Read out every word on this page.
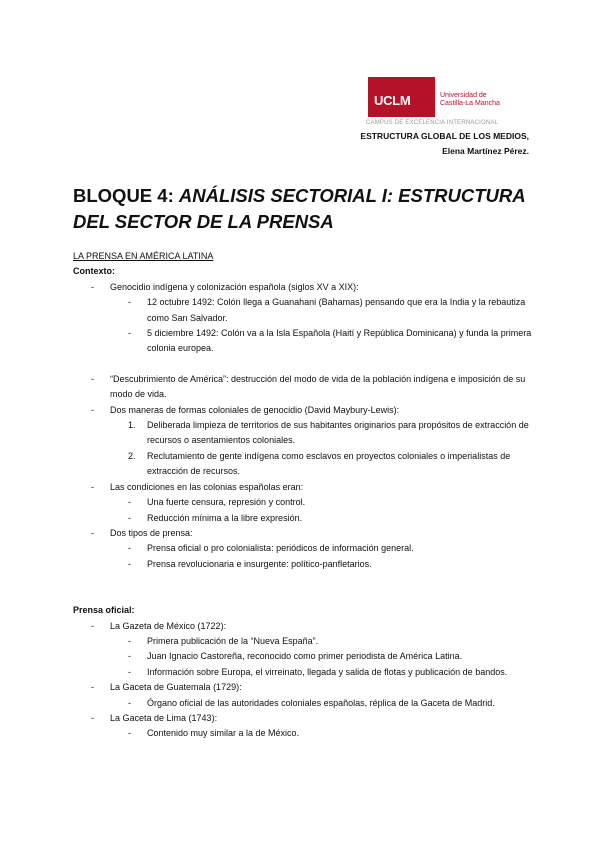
UCLM	Universidad de
Castilla-La Mancha
CAMPUS DE EXCELENCIA INTERNACIONAL
ESTRUCTURA GLOBAL DE LOS MEDIOS,
Elena Martínez Pérez.
BLOQUE 4: ANÁLISIS SECTORIAL I: ESTRUCTURA DEL SECTOR DE LA PRENSA
LA PRENSA EN AMÉRICA LATINA
Contexto:
- Genocidio indígena y colonización española (siglos XV a XIX):
- 12 octubre 1492: Colón llega a Guanahani (Bahamas) pensando que era la India y la rebautiza como San Salvador.
- 5 diciembre 1492: Colón va a la Isla Española (Haití y República Dominicana) y funda la primera colonia europea.
- “Descubrimiento de América”: destrucción del modo de vida de la población indígena e imposición de su modo de vida.
- Dos maneras de formas coloniales de genocidio (David Maybury-Lewis):
1. Deliberada limpieza de territorios de sus habitantes originarios para propósitos de extracción de recursos o asentamientos coloniales.
2. Reclutamiento de gente indígena como esclavos en proyectos coloniales o imperialistas de extracción de recursos.
- Las condiciones en las colonias españolas eran:
- Una fuerte censura, represión y control.
- Reducción mínima a la libre expresión.
- Dos tipos de prensa:
- Prensa oficial o pro colonialista: periódicos de información general.
- Prensa revolucionaria e insurgente: político-panfletarios.
Prensa oficial:
- La Gazeta de México (1722):
- Primera publicación de la “Nueva España”.
- Juan Ignacio Castoreña, reconocido como primer periodista de América Latina.
- Información sobre Europa, el virreinato, llegada y salida de flotas y publicación de bandos.
- La Gaceta de Guatemala (1729):
- Órgano oficial de las autoridades coloniales españolas, réplica de la Gaceta de Madrid.
- La Gaceta de Lima (1743):
- Contenido muy similar a la de México.
